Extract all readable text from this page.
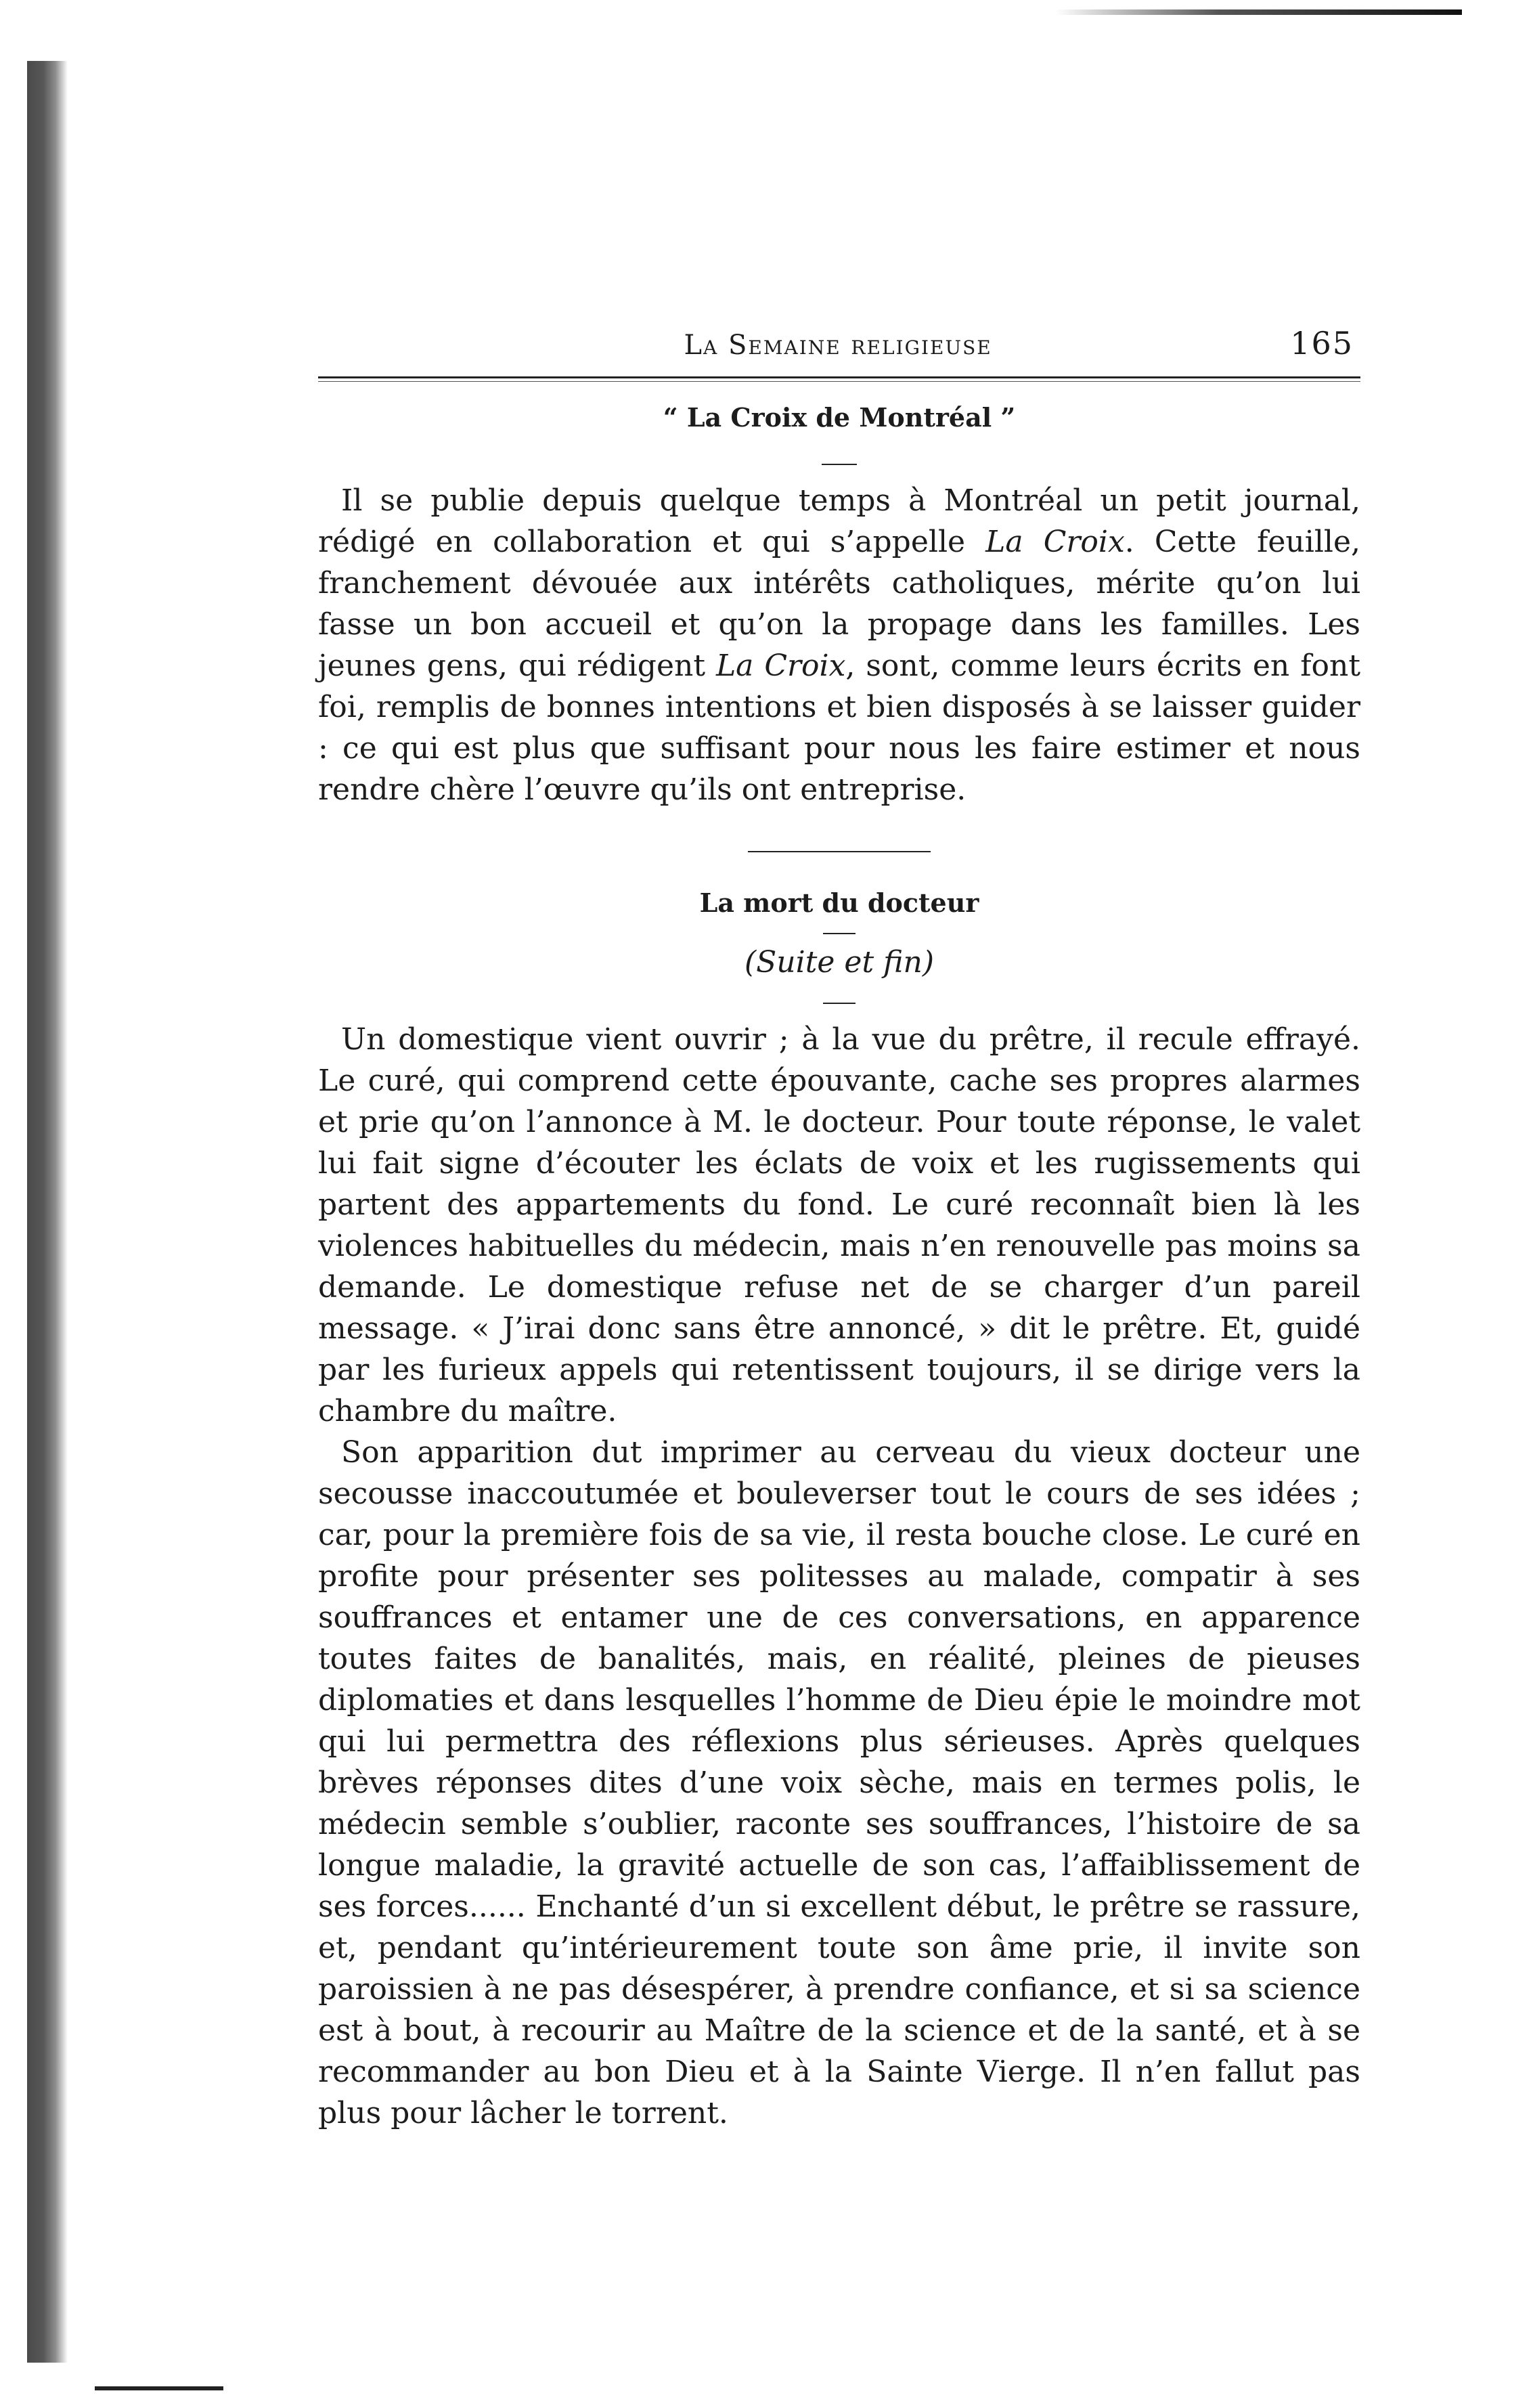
La Semaine religieuse	165
“ La Croix de Montréal ”

Il se publie depuis quelque temps à Montréal un petit journal, rédigé en collaboration et qui s’appelle La Croix. Cette feuille, franchement dévouée aux intérêts catholiques, mérite qu’on lui fasse un bon accueil et qu’on la propage dans les familles. Les jeunes gens, qui rédigent La Croix, sont, comme leurs écrits en font foi, remplis de bonnes intentions et bien disposés à se laisser guider : ce qui est plus que suffisant pour nous les faire estimer et nous rendre chère l’œuvre qu’ils ont entreprise.

La mort du docteur
(Suite et fin)

Un domestique vient ouvrir ; à la vue du prêtre, il recule effrayé. Le curé, qui comprend cette épouvante, cache ses propres alarmes et prie qu’on l’annonce à M. le docteur. Pour toute réponse, le valet lui fait signe d’écouter les éclats de voix et les rugissements qui partent des appartements du fond. Le curé reconnaît bien là les violences habituelles du médecin, mais n’en renouvelle pas moins sa demande. Le domestique refuse net de se charger d’un pareil message. « J’irai donc sans être annoncé, » dit le prêtre. Et, guidé par les furieux appels qui retentissent toujours, il se dirige vers la chambre du maître.

Son apparition dut imprimer au cerveau du vieux docteur une secousse inaccoutumée et bouleverser tout le cours de ses idées ; car, pour la première fois de sa vie, il resta bouche close. Le curé en profite pour présenter ses politesses au malade, compatir à ses souffrances et entamer une de ces conversations, en apparence toutes faites de banalités, mais, en réalité, pleines de pieuses diplomaties et dans lesquelles l’homme de Dieu épie le moindre mot qui lui permettra des réflexions plus sérieuses. Après quelques brèves réponses dites d’une voix sèche, mais en termes polis, le médecin semble s’oublier, raconte ses souffrances, l’histoire de sa longue maladie, la gravité actuelle de son cas, l’affaiblissement de ses forces...... Enchanté d’un si excellent début, le prêtre se rassure, et, pendant qu’intérieurement toute son âme prie, il invite son paroissien à ne pas désespérer, à prendre confiance, et si sa science est à bout, à recourir au Maître de la science et de la santé, et à se recommander au bon Dieu et à la Sainte Vierge. Il n’en fallut pas plus pour lâcher le torrent.
